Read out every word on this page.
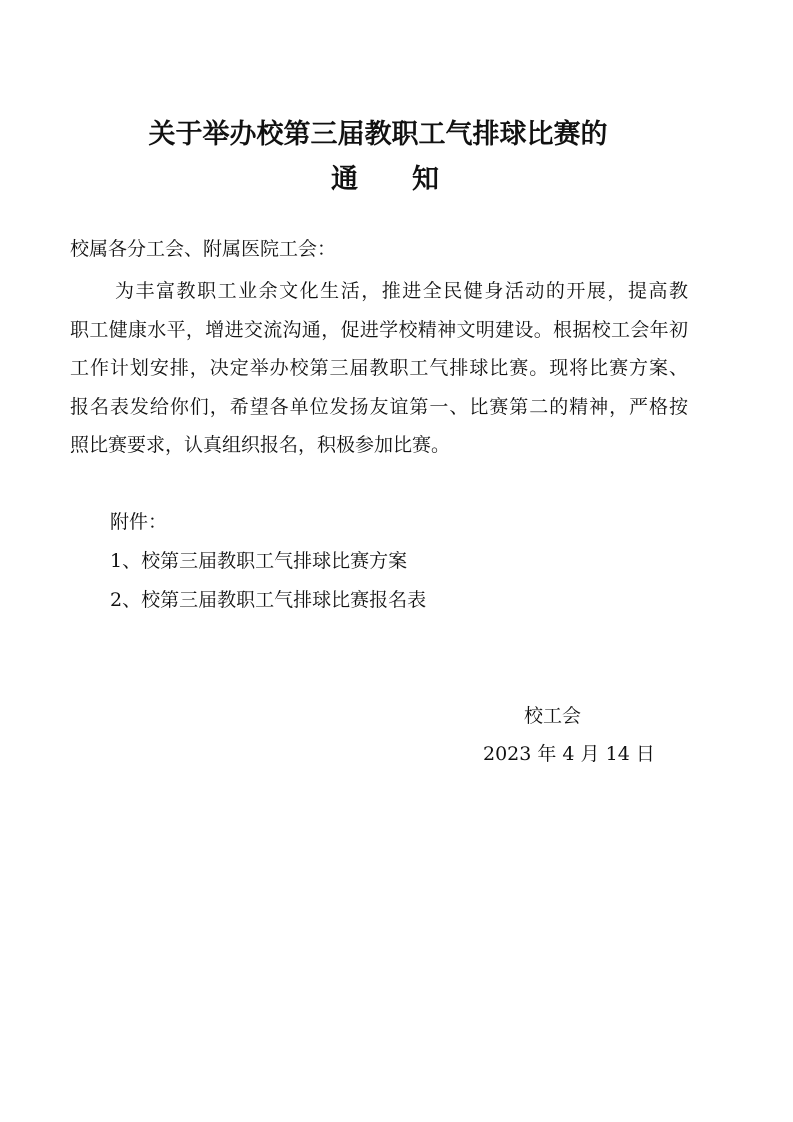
关于举办校第三届教职工气排球比赛的
通　　知
校属各分工会、附属医院工会：
为丰富教职工业余文化生活，推进全民健身活动的开展，提高教
职工健康水平，增进交流沟通，促进学校精神文明建设。根据校工会年初
工作计划安排，决定举办校第三届教职工气排球比赛。现将比赛方案、
报名表发给你们，希望各单位发扬友谊第一、比赛第二的精神，严格按
照比赛要求，认真组织报名，积极参加比赛。
附件：
1、校第三届教职工气排球比赛方案
2、校第三届教职工气排球比赛报名表
校工会
2023 年 4 月 14 日
